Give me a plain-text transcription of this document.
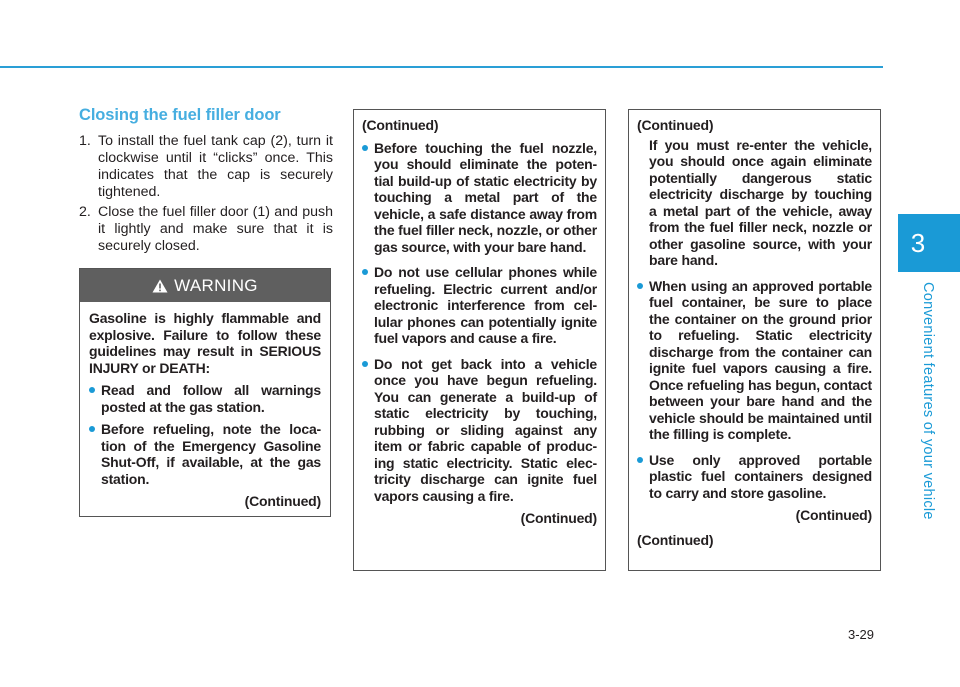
3
Convenient features of your vehicle
Closing the fuel filler door
1. To install the fuel tank cap (2), turn it clockwise until it “clicks” once. This indicates that the cap is securely tightened.
2. Close the fuel filler door (1) and push it lightly and make sure that it is securely closed.
WARNING

Gasoline is highly flammable and explosive. Failure to follow these guidelines may result in SERIOUS INJURY or DEATH:

Read and follow all warnings posted at the gas station.
Before refueling, note the loca-tion of the Emergency Gasoline Shut-Off, if available, at the gas station.
(Continued)
(Continued)
Before touching the fuel nozzle, you should eliminate the poten-tial build-up of static electricity by touching a metal part of the vehicle, a safe distance away from the fuel filler neck, nozzle, or other gas source, with your bare hand.
Do not use cellular phones while refueling. Electric current and/or electronic interference from cel-lular phones can potentially ignite fuel vapors and cause a fire.
Do not get back into a vehicle once you have begun refueling. You can generate a build-up of static electricity by touching, rubbing or sliding against any item or fabric capable of produc-ing static electricity. Static elec-tricity discharge can ignite fuel vapors causing a fire.
(Continued)
(Continued)
If you must re-enter the vehicle, you should once again eliminate potentially dangerous static electricity discharge by touching a metal part of the vehicle, away from the fuel filler neck, nozzle or other gasoline source, with your bare hand.
When using an approved portable fuel container, be sure to place the container on the ground prior to refueling. Static electricity discharge from the container can ignite fuel vapors causing a fire. Once refueling has begun, contact between your bare hand and the vehicle should be maintained until the filling is complete.
Use only approved portable plastic fuel containers designed to carry and store gasoline.
(Continued)
(Continued)
3-29
